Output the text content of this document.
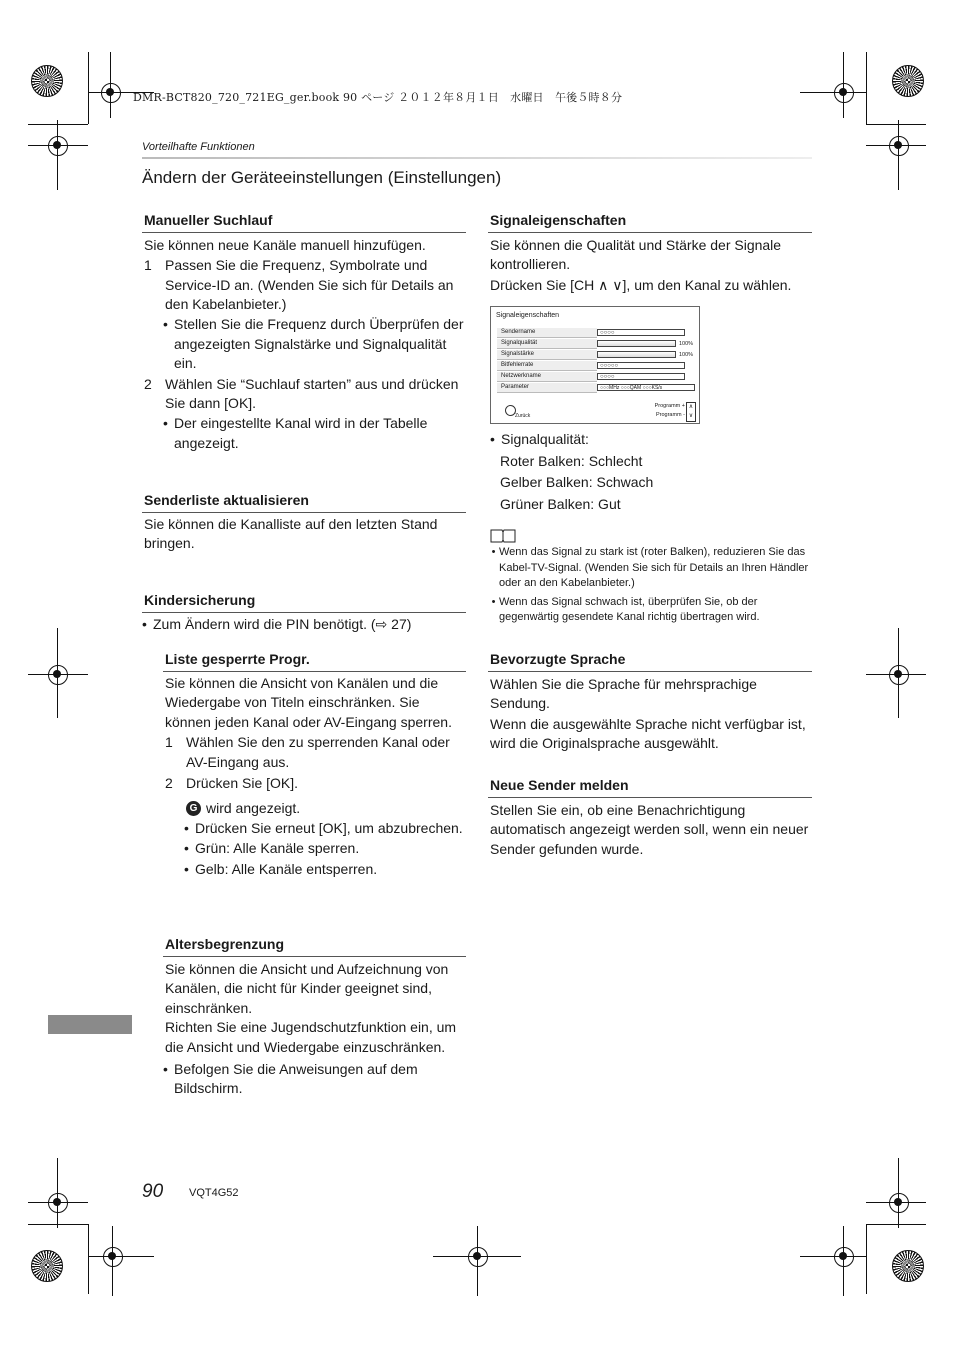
DMR-BCT820_720_721EG_ger.book 90 ページ ２０１２年８月１日　水曜日　午後５時８分
Vorteilhafte Funktionen
Ändern der Geräteeinstellungen (Einstellungen)
Manueller Suchlauf
Sie können neue Kanäle manuell hinzufügen.
1 Passen Sie die Frequenz, Symbolrate und Service-ID an. (Wenden Sie sich für Details an den Kabelanbieter.)
• Stellen Sie die Frequenz durch Überprüfen der angezeigten Signalstärke und Signalqualität ein.
2 Wählen Sie “Suchlauf starten” aus und drücken Sie dann [OK].
• Der eingestellte Kanal wird in der Tabelle angezeigt.
Senderliste aktualisieren
Sie können die Kanalliste auf den letzten Stand bringen.
Kindersicherung
• Zum Ändern wird die PIN benötigt. (⇨ 27)
Liste gesperrte Progr.
Sie können die Ansicht von Kanälen und die Wiedergabe von Titeln einschränken. Sie können jeden Kanal oder AV-Eingang sperren.
1 Wählen Sie den zu sperrenden Kanal oder AV-Eingang aus.
2 Drücken Sie [OK].
G wird angezeigt.
• Drücken Sie erneut [OK], um abzubrechen.
• Grün: Alle Kanäle sperren.
• Gelb: Alle Kanäle entsperren.
Altersbegrenzung
Sie können die Ansicht und Aufzeichnung von Kanälen, die nicht für Kinder geeignet sind, einschränken.
Richten Sie eine Jugendschutzfunktion ein, um die Ansicht und Wiedergabe einzuschränken.
• Befolgen Sie die Anweisungen auf dem Bildschirm.
Signaleigenschaften
Sie können die Qualität und Stärke der Signale kontrollieren.
Drücken Sie [CH ∧ ∨], um den Kanal zu wählen.
Signaleigenschaften
Sendername	○○○○
Signalqualität	100%
Signalstärke	100%
Bitfehlerrate	○○○○○
Netzwerkname	○○○○
Parameter	○○○MHz ○○○QAM ○○○KS/s
Zurück
Programm +
Programm -
∧
∨
• Signalqualität:
Roter Balken: Schlecht
Gelber Balken: Schwach
Grüner Balken: Gut
• Wenn das Signal zu stark ist (roter Balken), reduzieren Sie das Kabel-TV-Signal. (Wenden Sie sich für Details an Ihren Händler oder an den Kabelanbieter.)
• Wenn das Signal schwach ist, überprüfen Sie, ob der gegenwärtig gesendete Kanal richtig übertragen wird.
Bevorzugte Sprache
Wählen Sie die Sprache für mehrsprachige Sendung.
Wenn die ausgewählte Sprache nicht verfügbar ist, wird die Originalsprache ausgewählt.
Neue Sender melden
Stellen Sie ein, ob eine Benachrichtigung automatisch angezeigt werden soll, wenn ein neuer Sender gefunden wurde.
90 VQT4G52
